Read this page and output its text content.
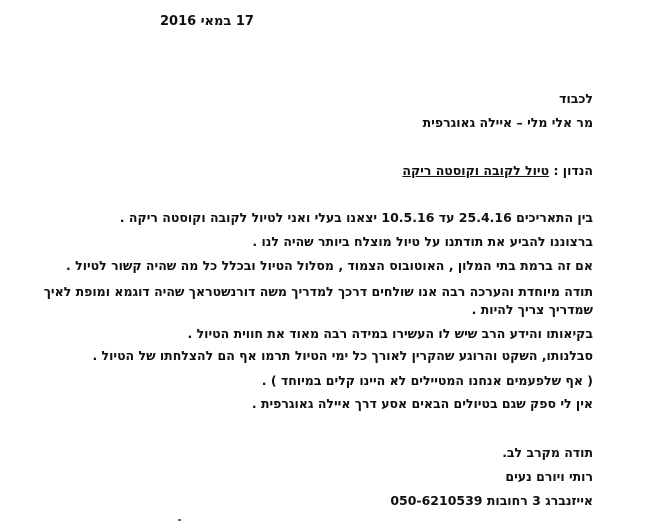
17 במאי 2016
לכבוד
מר אלי מלי – איילה גאוגרפית
הנדון : טיול לקובה וקוסטה ריקה
בין התאריכים 25.4.16 עד 10.5.16 יצאנו בעלי ואני לטיול לקובה וקוסטה ריקה .
ברצוננו להביע את תודתנו על טיול מוצלח ביותר שהיה לנו .
אם זה ברמת בתי המלון , האוטובוס הצמוד , מסלול הטיול ובכלל כל מה שהיה קשור לטיול .
תודה מיוחדת והערכה רבה אנו שולחים דרכך למדריך משה דורנשטראך שהיה דוגמא ומופת לאיך
שמדריך צריך להיות .
בקיאותו והידע הרב שיש לו העשירו במידה רבה מאוד את חווית הטיול .
סבלנותו, השקט והרוגע שהקרין לאורך כל ימי הטיול תרמו אף הם להצלחתו של הטיול .
( אף שלפעמים אנחנו המטיילים לא היינו קלים במיוחד ) .
אין לי ספק שגם בטיולים הבאים אסע דרך איילה גאוגרפית .
תודה מקרב לב.
רותי ויורם נעים
אייזנברג 3 רחובות 050-6210539
